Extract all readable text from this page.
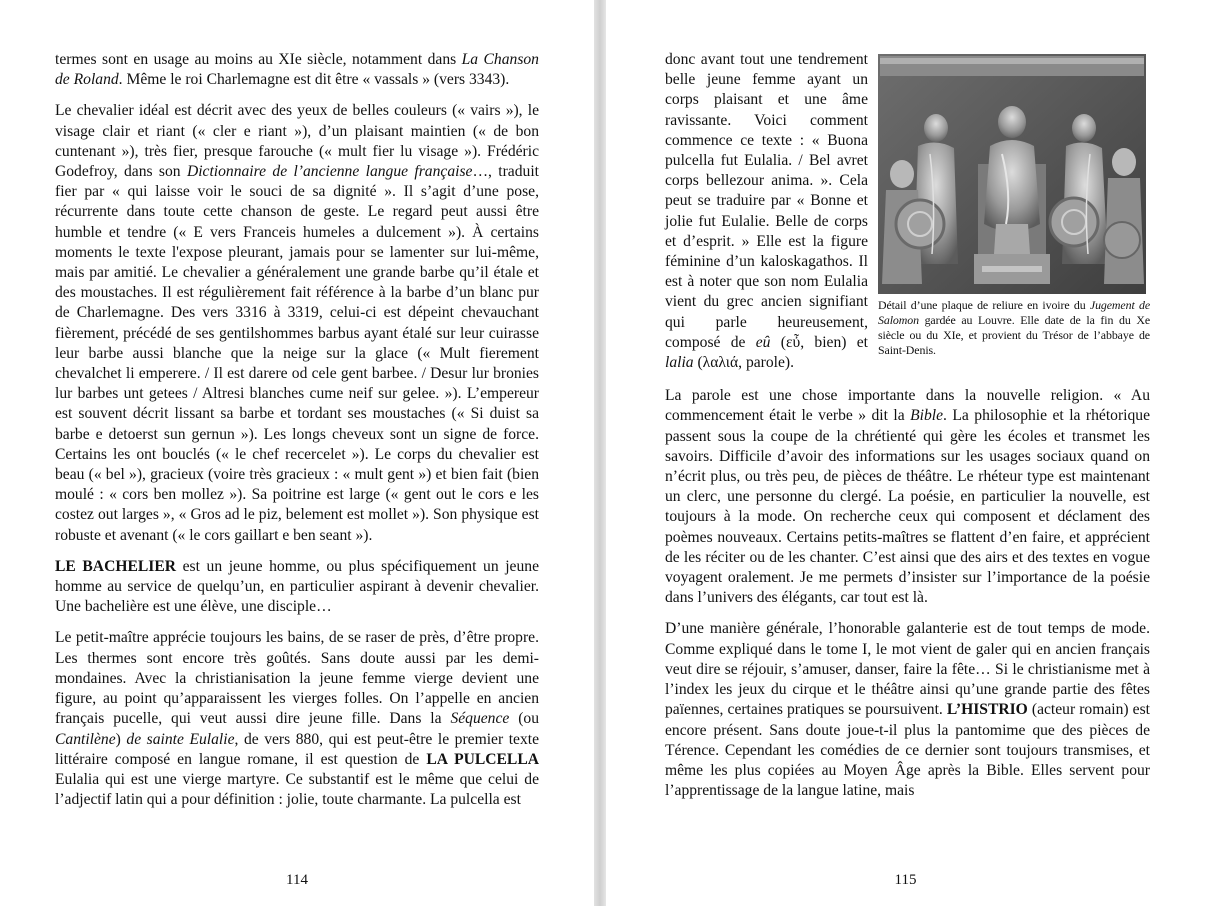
termes sont en usage au moins au XIe siècle, notamment dans La Chanson de Roland. Même le roi Charlemagne est dit être « vassals » (vers 3343).

Le chevalier idéal est décrit avec des yeux de belles couleurs (« vairs »), le visage clair et riant (« cler e riant »), d’un plaisant maintien (« de bon cuntenant »), très fier, presque farouche (« mult fier lu visage »). Frédéric Godefroy, dans son Dictionnaire de l’ancienne langue française…, traduit fier par « qui laisse voir le souci de sa dignité ». Il s’agit d’une pose, récurrente dans toute cette chanson de geste. Le regard peut aussi être humble et tendre (« E vers Franceis humeles a dulcement »). À certains moments le texte l'expose pleurant, jamais pour se lamenter sur lui-même, mais par amitié. Le chevalier a généralement une grande barbe qu’il étale et des moustaches. Il est régulièrement fait référence à la barbe d’un blanc pur de Charlemagne. Des vers 3316 à 3319, celui-ci est dépeint chevauchant fièrement, précédé de ses gentilshommes barbus ayant étalé sur leur cuirasse leur barbe aussi blanche que la neige sur la glace (« Mult fierement chevalchet li emperere. / Il est darere od cele gent barbee. / Desur lur bronies lur barbes unt getees / Altresi blanches cume neif sur gelee. »). L’empereur est souvent décrit lissant sa barbe et tordant ses moustaches (« Si duist sa barbe e detoerst sun gernun »). Les longs cheveux sont un signe de force. Certains les ont bouclés (« le chef recercelet »). Le corps du chevalier est beau (« bel »), gracieux (voire très gracieux : « mult gent ») et bien fait (bien moulé : « cors ben mollez »). Sa poitrine est large (« gent out le cors e les costez out larges », « Gros ad le piz, belement est mollet »). Son physique est robuste et avenant (« le cors gaillart e ben seant »).

LE BACHELIER est un jeune homme, ou plus spécifiquement un jeune homme au service de quelqu’un, en particulier aspirant à devenir chevalier. Une bachelière est une élève, une disciple…

Le petit-maître apprécie toujours les bains, de se raser de près, d’être propre. Les thermes sont encore très goûtés. Sans doute aussi par les demi-mondaines. Avec la christianisation la jeune femme vierge devient une figure, au point qu’apparaissent les vierges folles. On l’appelle en ancien français pucelle, qui veut aussi dire jeune fille. Dans la Séquence (ou Cantilène) de sainte Eulalie, de vers 880, qui est peut-être le premier texte littéraire composé en langue romane, il est question de LA PULCELLA Eulalia qui est une vierge martyre. Ce substantif est le même que celui de l’adjectif latin qui a pour définition : jolie, toute charmante. La pulcella est

114
Détail d’une plaque de reliure en ivoire du Jugement de Salomon gardée au Louvre. Elle date de la fin du Xe siècle ou du XIe, et provient du Trésor de l’abbaye de Saint-Denis.

donc avant tout une tendrement belle jeune femme ayant un corps plaisant et une âme ravissante. Voici comment commence ce texte : « Buona pulcella fut Eulalia. / Bel avret corps bellezour anima. ». Cela peut se traduire par « Bonne et jolie fut Eulalie. Belle de corps et d’esprit. » Elle est la figure féminine d’un kaloskagathos. Il est à noter que son nom Eulalia vient du grec ancien signifiant qui parle heureusement, composé de eû (εὖ, bien) et lalia (λαλιά, parole).

La parole est une chose importante dans la nouvelle religion. « Au commencement était le verbe » dit la Bible. La philosophie et la rhétorique passent sous la coupe de la chrétienté qui gère les écoles et transmet les savoirs. Difficile d’avoir des informations sur les usages sociaux quand on n’écrit plus, ou très peu, de pièces de théâtre. Le rhéteur type est maintenant un clerc, une personne du clergé. La poésie, en particulier la nouvelle, est toujours à la mode. On recherche ceux qui composent et déclament des poèmes nouveaux. Certains petits-maîtres se flattent d’en faire, et apprécient de les réciter ou de les chanter. C’est ainsi que des airs et des textes en vogue voyagent oralement. Je me permets d’insister sur l’importance de la poésie dans l’univers des élégants, car tout est là.

D’une manière générale, l’honorable galanterie est de tout temps de mode. Comme expliqué dans le tome I, le mot vient de galer qui en ancien français veut dire se réjouir, s’amuser, danser, faire la fête… Si le christianisme met à l’index les jeux du cirque et le théâtre ainsi qu’une grande partie des fêtes païennes, certaines pratiques se poursuivent. L’HISTRIO (acteur romain) est encore présent. Sans doute joue-t-il plus la pantomime que des pièces de Térence. Cependant les comédies de ce dernier sont toujours transmises, et même les plus copiées au Moyen Âge après la Bible. Elles servent pour l’apprentissage de la langue latine, mais

115
